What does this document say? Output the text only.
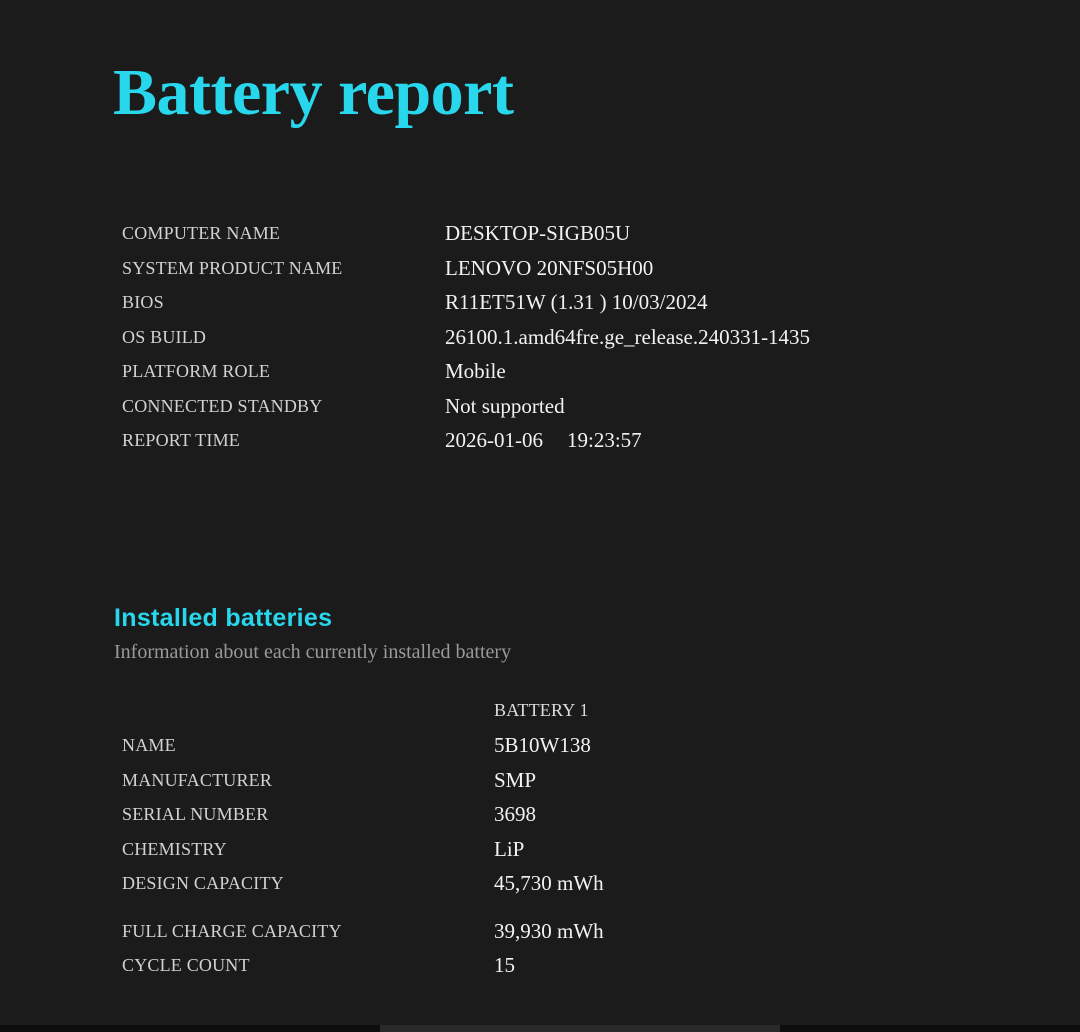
Battery report
COMPUTER NAME	DESKTOP-SIGB05U
SYSTEM PRODUCT NAME	LENOVO 20NFS05H00
BIOS	R11ET51W (1.31 ) 10/03/2024
OS BUILD	26100.1.amd64fre.ge_release.240331-1435
PLATFORM ROLE	Mobile
CONNECTED STANDBY	Not supported
REPORT TIME	2026-01-06 19:23:57
Installed batteries
Information about each currently installed battery
	BATTERY 1
NAME	5B10W138
MANUFACTURER	SMP
SERIAL NUMBER	3698
CHEMISTRY	LiP
DESIGN CAPACITY	45,730 mWh

FULL CHARGE CAPACITY	39,930 mWh
CYCLE COUNT	15
